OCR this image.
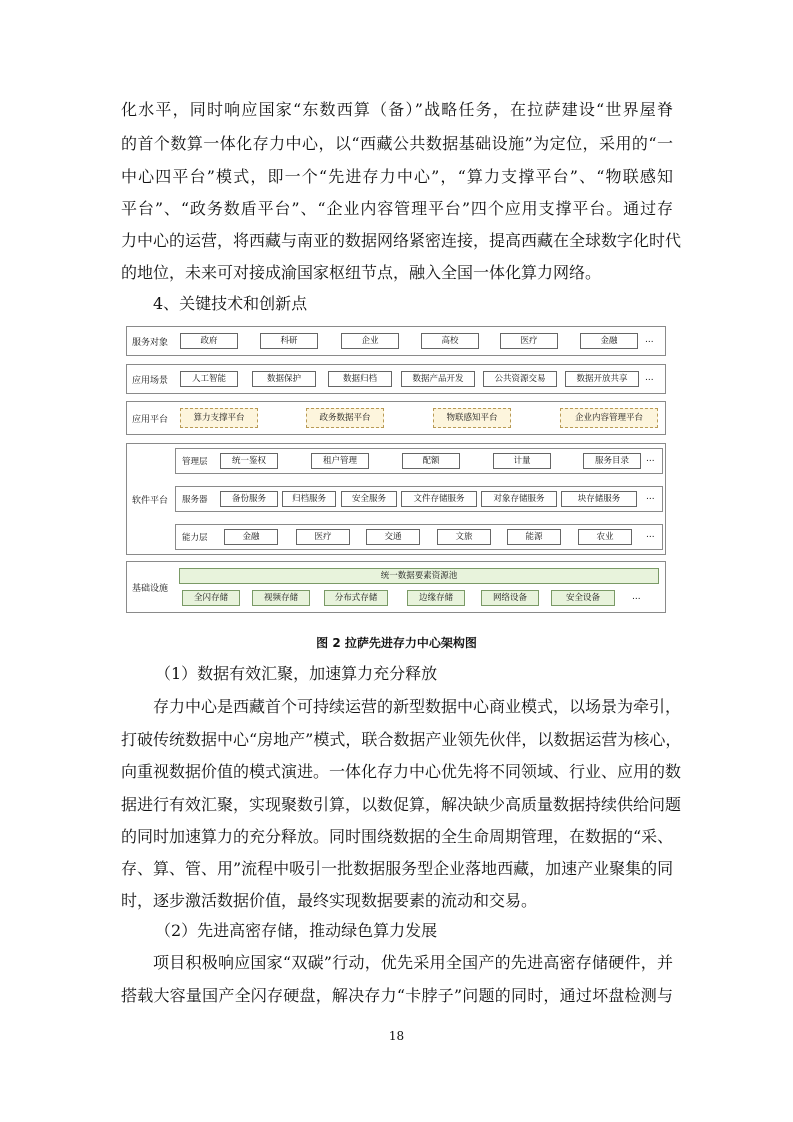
化水平，同时响应国家“东数西算（备）”战略任务，在拉萨建设“世界屋脊
的首个数算一体化存力中心，以“西藏公共数据基础设施”为定位，采用的“一
中心四平台”模式，即一个“先进存力中心”，“算力支撑平台”、“物联感知
平台”、“政务数盾平台”、“企业内容管理平台”四个应用支撑平台。通过存
力中心的运营，将西藏与南亚的数据网络紧密连接，提高西藏在全球数字化时代
的地位，未来可对接成渝国家枢纽节点，融入全国一体化算力网络。
4、关键技术和创新点
服务对象	政府	科研	企业	高校	医疗	金融	...
应用场景	人工智能	数据保护	数据归档	数据产品开发	公共资源交易	数据开放共享	...
应用平台	算力支撑平台	政务数据平台	物联感知平台	企业内容管理平台
软件平台
管理层	统一鉴权	租户管理	配额	计量	服务目录	...
服务器	备份服务	归档服务	安全服务	文件存储服务	对象存储服务	块存储服务	...
能力层	金融	医疗	交通	文旅	能源	农业	...
基础设施
统一数据要素资源池
全闪存储	视频存储	分布式存储	边缘存储	网络设备	安全设备	...
图 2 拉萨先进存力中心架构图
（1）数据有效汇聚，加速算力充分释放
存力中心是西藏首个可持续运营的新型数据中心商业模式，以场景为牵引，
打破传统数据中心“房地产”模式，联合数据产业领先伙伴，以数据运营为核心，
向重视数据价值的模式演进。一体化存力中心优先将不同领域、行业、应用的数
据进行有效汇聚，实现聚数引算，以数促算，解决缺少高质量数据持续供给问题
的同时加速算力的充分释放。同时围绕数据的全生命周期管理，在数据的“采、
存、算、管、用”流程中吸引一批数据服务型企业落地西藏，加速产业聚集的同
时，逐步激活数据价值，最终实现数据要素的流动和交易。
（2）先进高密存储，推动绿色算力发展
项目积极响应国家“双碳”行动，优先采用全国产的先进高密存储硬件，并
搭载大容量国产全闪存硬盘，解决存力“卡脖子”问题的同时，通过坏盘检测与
18
